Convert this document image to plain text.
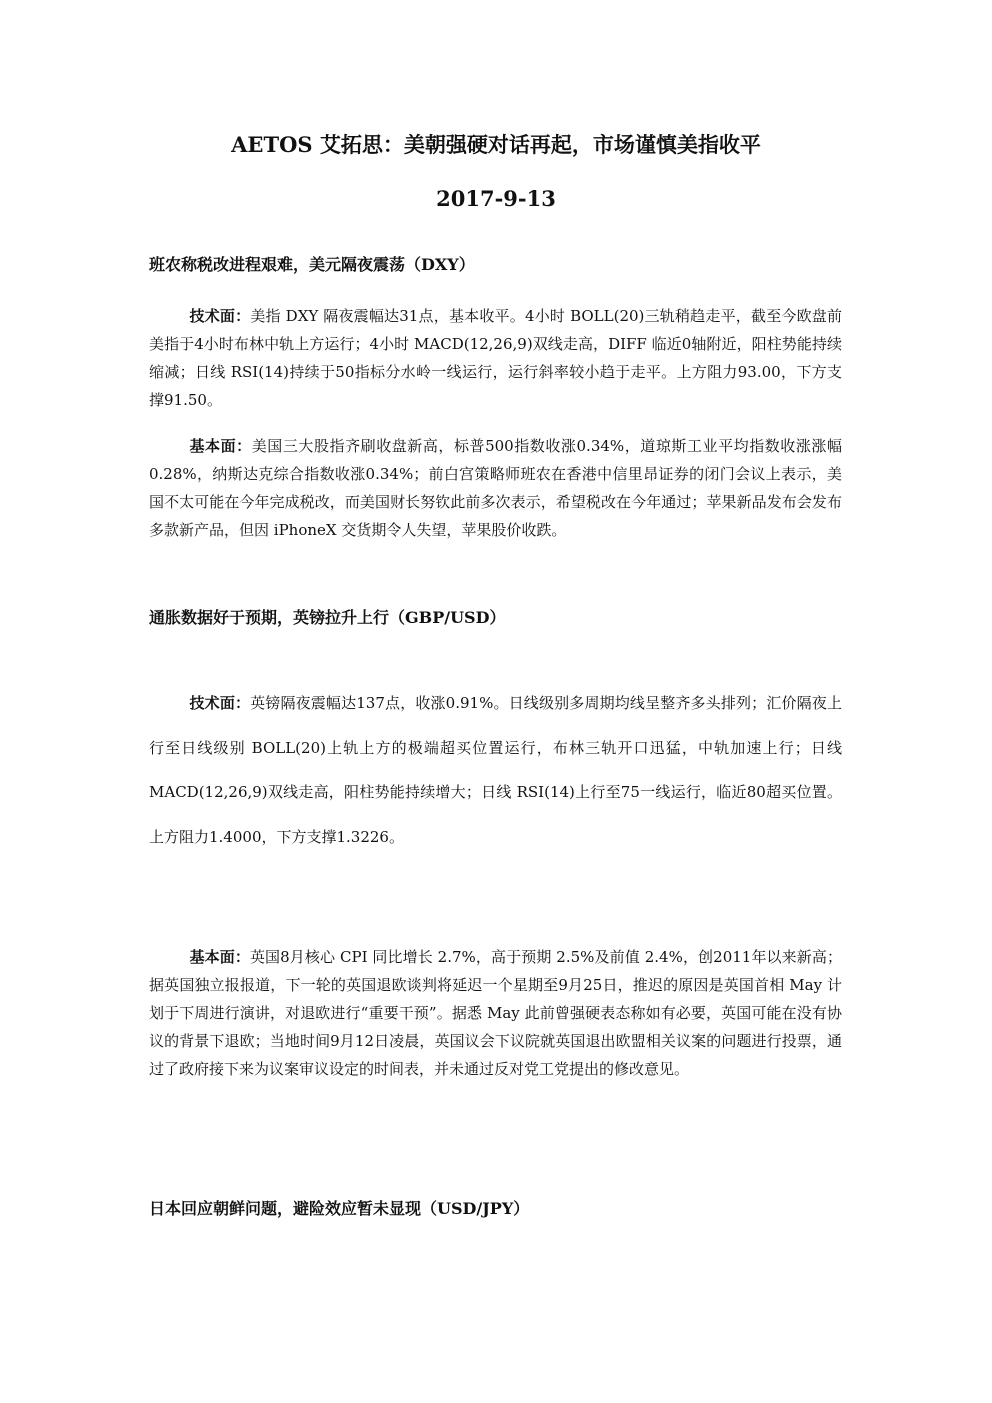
AETOS 艾拓思：美朝强硬对话再起，市场谨慎美指收平
2017-9-13
班农称税改进程艰难，美元隔夜震荡（DXY）

技术面：美指 DXY 隔夜震幅达31点，基本收平。4小时 BOLL(20)三轨稍趋走平，截至今欧盘前美指于4小时布林中轨上方运行；4小时 MACD(12,26,9)双线走高，DIFF 临近0轴附近，阳柱势能持续缩减；日线 RSI(14)持续于50指标分水岭一线运行，运行斜率较小趋于走平。上方阻力93.00，下方支撑91.50。

基本面：美国三大股指齐刷收盘新高，标普500指数收涨0.34%，道琼斯工业平均指数收涨涨幅0.28%，纳斯达克综合指数收涨0.34%；前白宫策略师班农在香港中信里昂证券的闭门会议上表示，美国不太可能在今年完成税改，而美国财长努钦此前多次表示，希望税改在今年通过；苹果新品发布会发布多款新产品，但因 iPhoneX 交货期令人失望，苹果股价收跌。

通胀数据好于预期，英镑拉升上行（GBP/USD）

技术面：英镑隔夜震幅达137点，收涨0.91%。日线级别多周期均线呈整齐多头排列；汇价隔夜上行至日线级别 BOLL(20)上轨上方的极端超买位置运行，布林三轨开口迅猛，中轨加速上行；日线 MACD(12,26,9)双线走高，阳柱势能持续增大；日线 RSI(14)上行至75一线运行，临近80超买位置。上方阻力1.4000，下方支撑1.3226。

基本面：英国8月核心 CPI 同比增长 2.7%，高于预期 2.5%及前值 2.4%，创2011年以来新高；据英国独立报报道，下一轮的英国退欧谈判将延迟一个星期至9月25日，推迟的原因是英国首相 May 计划于下周进行演讲，对退欧进行“重要干预”。据悉 May 此前曾强硬表态称如有必要，英国可能在没有协议的背景下退欧；当地时间9月12日凌晨，英国议会下议院就英国退出欧盟相关议案的问题进行投票，通过了政府接下来为议案审议设定的时间表，并未通过反对党工党提出的修改意见。

日本回应朝鲜问题，避险效应暂未显现（USD/JPY）
